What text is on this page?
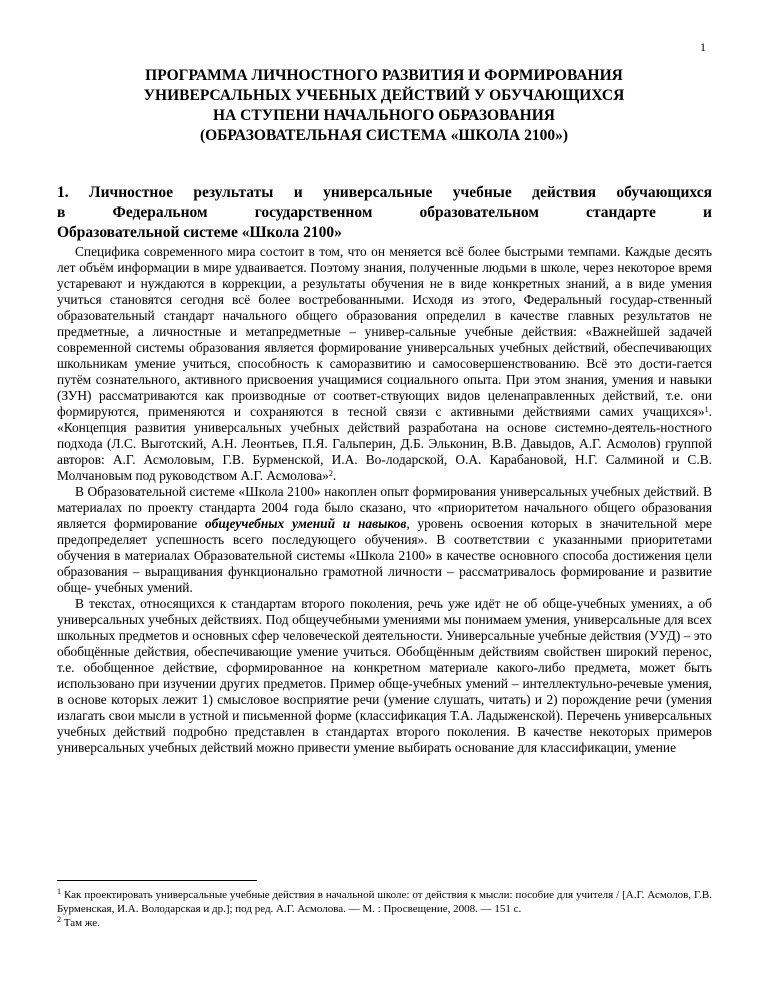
1
ПРОГРАММА ЛИЧНОСТНОГО РАЗВИТИЯ И ФОРМИРОВАНИЯ
УНИВЕРСАЛЬНЫХ УЧЕБНЫХ ДЕЙСТВИЙ У ОБУЧАЮЩИХСЯ
НА СТУПЕНИ НАЧАЛЬНОГО ОБРАЗОВАНИЯ
(ОБРАЗОВАТЕЛЬНАЯ СИСТЕМА «ШКОЛА 2100»)
1. Личностное результаты и универсальные учебные действия обучающихся
в Федеральном государственном образовательном стандарте и
Образовательной системе «Школа 2100»

Специфика современного мира состоит в том, что он меняется всё более быстрыми темпами. Каждые десять лет объём информации в мире удваивается. Поэтому знания, полученные людьми в школе, через некоторое время устаревают и нуждаются в коррекции, а результаты обучения не в виде конкретных знаний, а в виде умения учиться становятся сегодня всё более востребованными. Исходя из этого, Федеральный государ-ственный образовательный стандарт начального общего образования определил в качестве главных результатов не предметные, а личностные и метапредметные – универ-сальные учебные действия: «Важнейшей задачей современной системы образования является формирование универсальных учебных действий, обеспечивающих школьникам умение учиться, способность к саморазвитию и самосовершенствованию. Всё это дости-гается путём сознательного, активного присвоения учащимися социального опыта. При этом знания, умения и навыки (ЗУН) рассматриваются как производные от соответ-ствующих видов целенаправленных действий, т.е. они формируются, применяются и сохраняются в тесной связи с активными действиями самих учащихся»$^1$. «Концепция развития универсальных учебных действий разработана на основе системно-деятель-ностного подхода (Л.С. Выготский, А.Н. Леонтьев, П.Я. Гальперин, Д.Б. Эльконин, В.В. Давыдов, А.Г. Асмолов) группой авторов: А.Г. Асмоловым, Г.В. Бурменской, И.А. Во-лодарской, О.А. Карабановой, Н.Г. Салминой и С.В. Молчановым под руководством А.Г. Асмолова»$^2$.

В Образовательной системе «Школа 2100» накоплен опыт формирования универсальных учебных действий. В материалах по проекту стандарта 2004 года было сказано, что «приоритетом начального общего образования является формирование общеучебных умений и навыков, уровень освоения которых в значительной мере предопределяет успешность всего последующего обучения». В соответствии с указанными приоритетами обучения в материалах Образовательной системы «Школа 2100» в качестве основного способа достижения цели образования – выращивания функционально грамотной личности – рассматривалось формирование и развитие обще- учебных умений.

В текстах, относящихся к стандартам второго поколения, речь уже идёт не об обще-учебных умениях, а об универсальных учебных действиях. Под общеучебными умениями мы понимаем умения, универсальные для всех школьных предметов и основных сфер человеческой деятельности. Универсальные учебные действия (УУД) – это обобщённые действия, обеспечивающие умение учиться. Обобщённым действиям свойствен широкий перенос, т.е. обобщенное действие, сформированное на конкретном материале какого-либо предмета, может быть использовано при изучении других предметов. Пример обще-учебных умений – интеллектульно-речевые умения, в основе которых лежит 1) смысловое восприятие речи (умение слушать, читать) и 2) порождение речи (умения излагать свои мысли в устной и письменной форме (классификация Т.А. Ладыженской). Перечень универсальных учебных действий подробно представлен в стандартах второго поколения. В качестве некоторых примеров универсальных учебных действий можно привести умение выбирать основание для классификации, умение

$^1$ Как проектировать универсальные учебные действия в начальной школе: от действия к мысли: пособие для учителя / [А.Г. Асмолов, Г.В. Бурменская, И.А. Володарская и др.]; под ред. А.Г. Асмолова. — М. : Просвещение, 2008. — 151 с.

$^2$ Там же.
